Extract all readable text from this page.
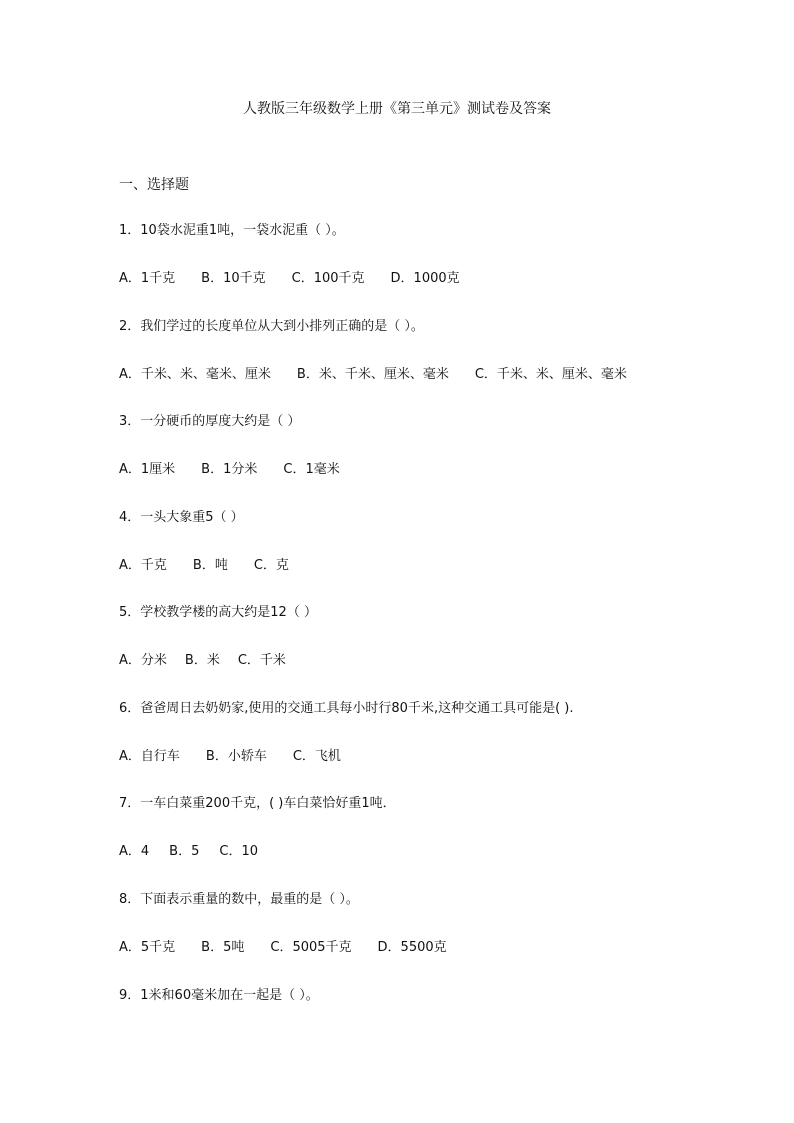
人教版三年级数学上册《第三单元》测试卷及答案
一、选择题
1．10袋水泥重1吨，一袋水泥重（ ）。
A．1千克 B．10千克 C．100千克 D．1000克
2．我们学过的长度单位从大到小排列正确的是（ ）。
A．千米、米、毫米、厘米 B．米、千米、厘米、毫米 C．千米、米、厘米、毫米
3．一分硬币的厚度大约是（ ）
A．1厘米 B．1分米 C．1毫米
4．一头大象重5（ ）
A．千克 B．吨 C．克
5．学校教学楼的高大约是12（ ）
A．分米 B．米 C．千米
6．爸爸周日去奶奶家,使用的交通工具每小时行80千米,这种交通工具可能是( ).
A．自行车 B．小轿车 C．飞机
7．一车白菜重200千克，( )车白菜恰好重1吨．
A．4 B．5 C．10
8．下面表示重量的数中，最重的是（ ）。
A．5千克 B．5吨 C．5005千克 D．5500克
9．1米和60毫米加在一起是（ ）。
